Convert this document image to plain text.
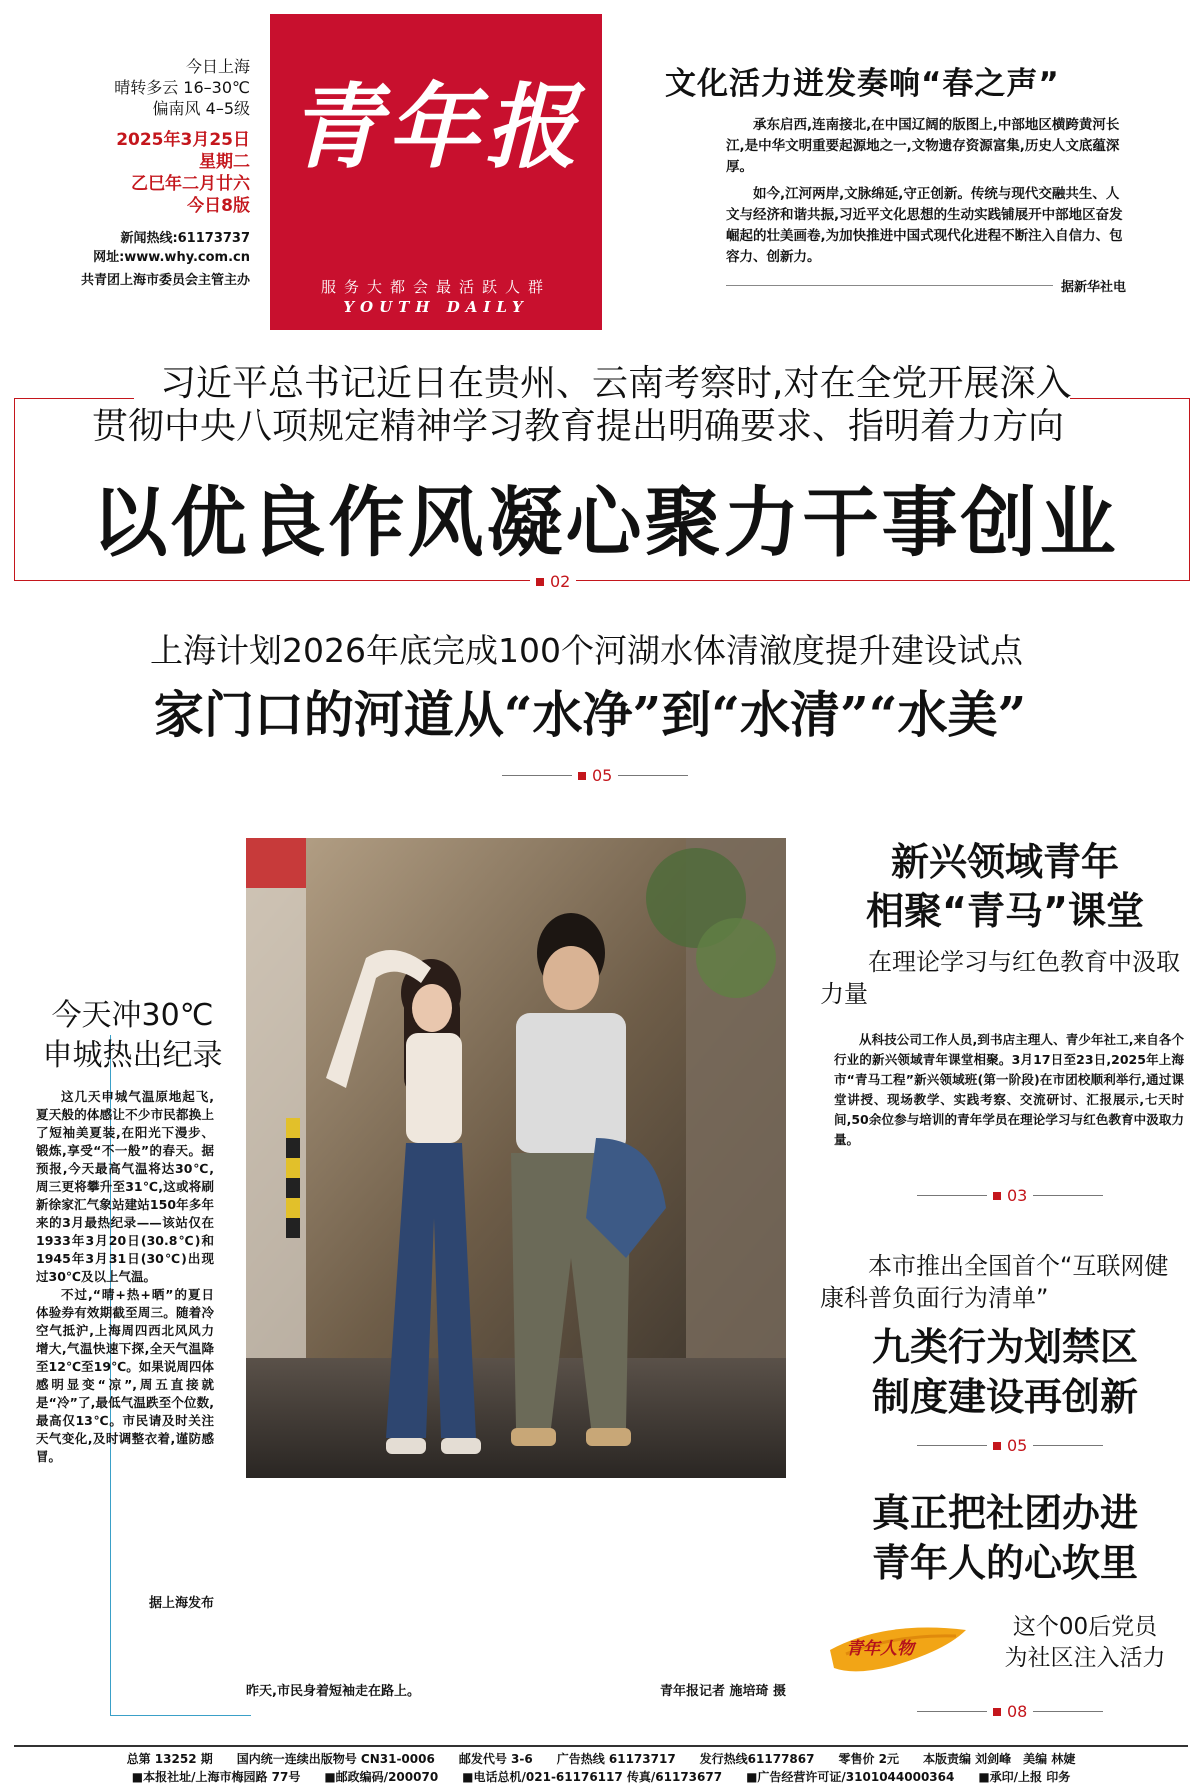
今日上海
晴转多云 16–30℃
偏南风 4–5级
2025年3月25日
星期二
乙巳年二月廿六
今日8版
新闻热线:61173737
网址:www.why.com.cn
共青团上海市委员会主管主办
青年报
服务大都会最活跃人群
YOUTH DAILY
文化活力迸发奏响“春之声”

承东启西,连南接北,在中国辽阔的版图上,中部地区横跨黄河长江,是中华文明重要起源地之一,文物遗存资源富集,历史人文底蕴深厚。

如今,江河两岸,文脉绵延,守正创新。传统与现代交融共生、人文与经济和谐共振,习近平文化思想的生动实践铺展开中部地区奋发崛起的壮美画卷,为加快推进中国式现代化进程不断注入自信力、包容力、创新力。

据新华社电
习近平总书记近日在贵州、云南考察时,对在全党开展深入
贯彻中央八项规定精神学习教育提出明确要求、指明着力方向
以优良作风凝心聚力干事创业
02
上海计划2026年底完成100个河湖水体清澈度提升建设试点
家门口的河道从“水净”到“水清”“水美”
05
今天冲30℃
申城热出纪录

这几天申城气温原地起飞,夏天般的体感让不少市民都换上了短袖美夏装,在阳光下漫步、锻炼,享受“不一般”的春天。据预报,今天最高气温将达30℃,周三更将攀升至31℃,这或将刷新徐家汇气象站建站150年多年来的3月最热纪录——该站仅在1933年3月20日(30.8℃)和1945年3月31日(30℃)出现过30℃及以上气温。

不过,“晴+热+晒”的夏日体验券有效期截至周三。随着冷空气抵沪,上海周四西北风风力增大,气温快速下探,全天气温降至12℃至19℃。如果说周四体感明显变“凉”,周五直接就是“冷”了,最低气温跌至个位数,最高仅13℃。市民请及时关注天气变化,及时调整衣着,谨防感冒。

据上海发布
昨天,市民身着短袖走在路上。	青年报记者 施培琦 摄
新兴领域青年
相聚“青马”课堂
在理论学习与红色教育中汲取力量

从科技公司工作人员,到书店主理人、青少年社工,来自各个行业的新兴领域青年课堂相聚。3月17日至23日,2025年上海市“青马工程”新兴领域班(第一阶段)在市团校顺利举行,通过课堂讲授、现场教学、实践考察、交流研讨、汇报展示,七天时间,50余位参与培训的青年学员在理论学习与红色教育中汲取力量。

03
本市推出全国首个“互联网健康科普负面行为清单”
九类行为划禁区
制度建设再创新
05
真正把社团办进
青年人的心坎里
青年人物
这个00后党员
为社区注入活力
08
总第 13252 期　　国内统一连续出版物号 CN31-0006　　邮发代号 3-6　　广告热线 61173717　　发行热线61177867　　零售价 2元　　本版责编 刘剑峰　美编 林婕
■本报社址/上海市梅园路 77号　　■邮政编码/200070　　■电话总机/021-61176117 传真/61173677　　■广告经营许可证/3101044000364　　■承印/上报 印务
